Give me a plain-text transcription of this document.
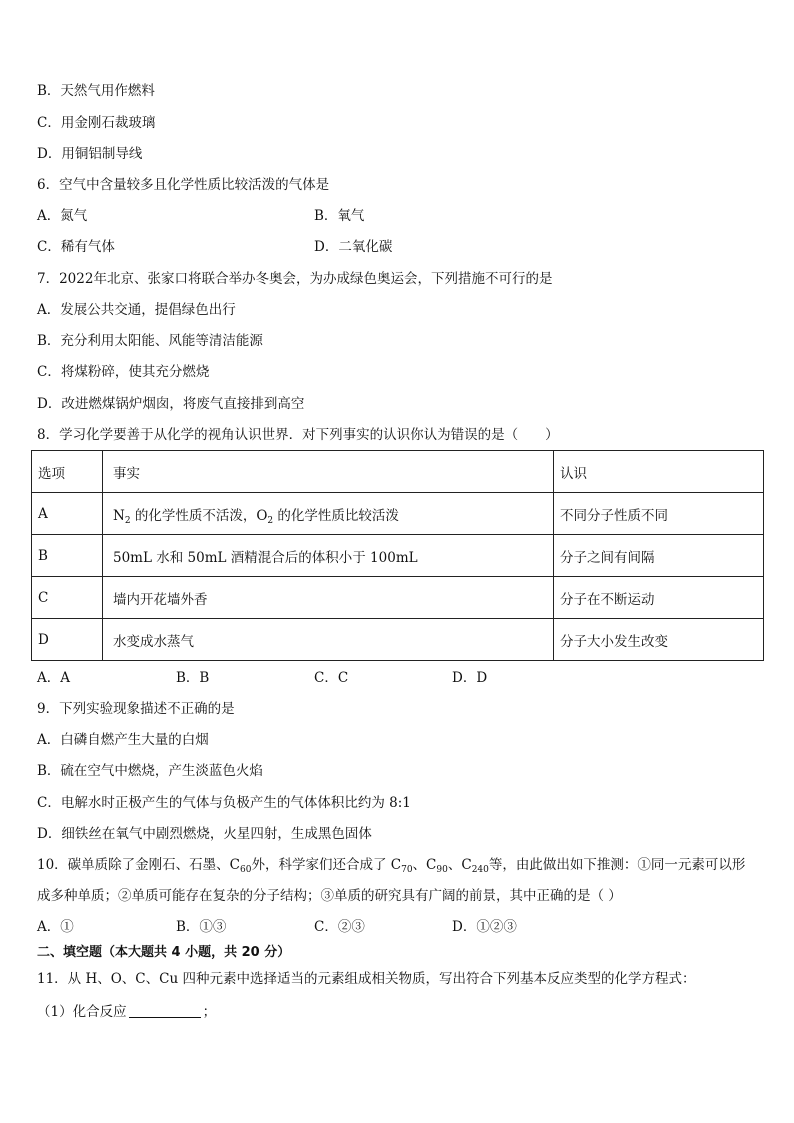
B．天然气用作燃料
C．用金刚石裁玻璃
D．用铜铝制导线
6．空气中含量较多且化学性质比较活泼的气体是
A．氮气	B．氧气
C．稀有气体	D．二氧化碳
7．2022年北京、张家口将联合举办冬奥会，为办成绿色奥运会，下列措施不可行的是
A．发展公共交通，提倡绿色出行
B．充分利用太阳能、风能等清洁能源
C．将煤粉碎，使其充分燃烧
D．改进燃煤锅炉烟囱，将废气直接排到高空
8．学习化学要善于从化学的视角认识世界．对下列事实的认识你认为错误的是（　　）
选项	事实	认识
A	$N_2$ 的化学性质不活泼，$O_2$ 的化学性质比较活泼	不同分子性质不同
B	50mL 水和 50mL 酒精混合后的体积小于 100mL	分子之间有间隔
C	墙内开花墙外香	分子在不断运动
D	水变成水蒸气	分子大小发生改变
A．A	B．B	C．C	D．D
9．下列实验现象描述不正确的是
A．白磷自燃产生大量的白烟
B．硫在空气中燃烧，产生淡蓝色火焰
C．电解水时正极产生的气体与负极产生的气体体积比约为 8:1
D．细铁丝在氧气中剧烈燃烧，火星四射，生成黑色固体
10．碳单质除了金刚石、石墨、$C_{60}$外，科学家们还合成了 $C_{70}$、$C_{90}$、$C_{240}$等，由此做出如下推测：①同一元素可以形
成多种单质；②单质可能存在复杂的分子结构；③单质的研究具有广阔的前景，其中正确的是（ ）
A．①	B．①③	C．②③	D．①②③
二、填空题（本大题共 4 小题，共 20 分）
11．从 H、O、C、Cu 四种元素中选择适当的元素组成相关物质，写出符合下列基本反应类型的化学方程式：
（1）化合反应	；
